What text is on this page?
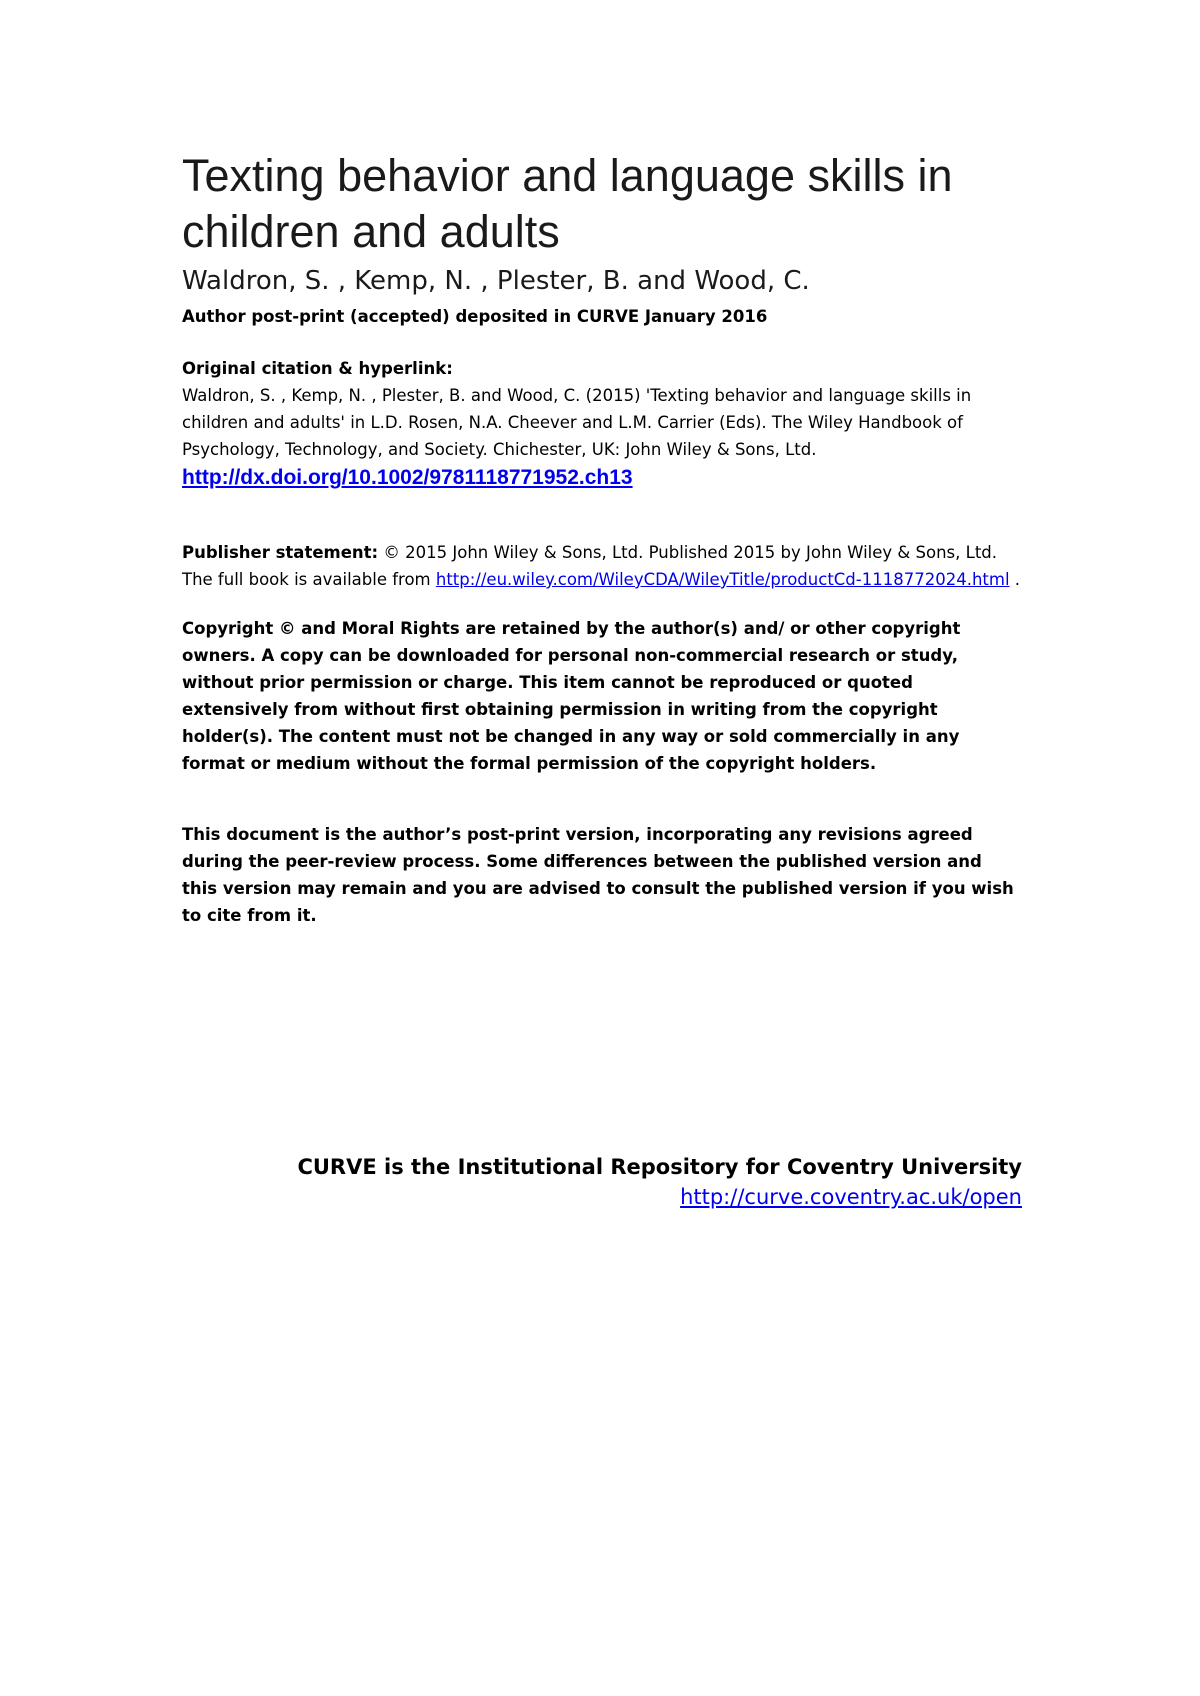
Texting behavior and language skills in children and adults
Waldron, S. , Kemp, N. , Plester, B. and Wood, C.
Author post-print (accepted) deposited in CURVE January 2016
Original citation & hyperlink:

Waldron, S. , Kemp, N. , Plester, B. and Wood, C. (2015) 'Texting behavior and language skills in children and adults' in L.D. Rosen, N.A. Cheever and L.M. Carrier (Eds). The Wiley Handbook of Psychology, Technology, and Society. Chichester, UK: John Wiley & Sons, Ltd.

http://dx.doi.org/10.1002/9781118771952.ch13

Publisher statement: © 2015 John Wiley & Sons, Ltd. Published 2015 by John Wiley & Sons, Ltd. The full book is available from http://eu.wiley.com/WileyCDA/WileyTitle/productCd-1118772024.html .

Copyright © and Moral Rights are retained by the author(s) and/ or other copyright owners. A copy can be downloaded for personal non-commercial research or study, without prior permission or charge. This item cannot be reproduced or quoted extensively from without first obtaining permission in writing from the copyright holder(s). The content must not be changed in any way or sold commercially in any format or medium without the formal permission of the copyright holders.

This document is the author’s post-print version, incorporating any revisions agreed during the peer-review process. Some differences between the published version and this version may remain and you are advised to consult the published version if you wish to cite from it.

CURVE is the Institutional Repository for Coventry University
http://curve.coventry.ac.uk/open
